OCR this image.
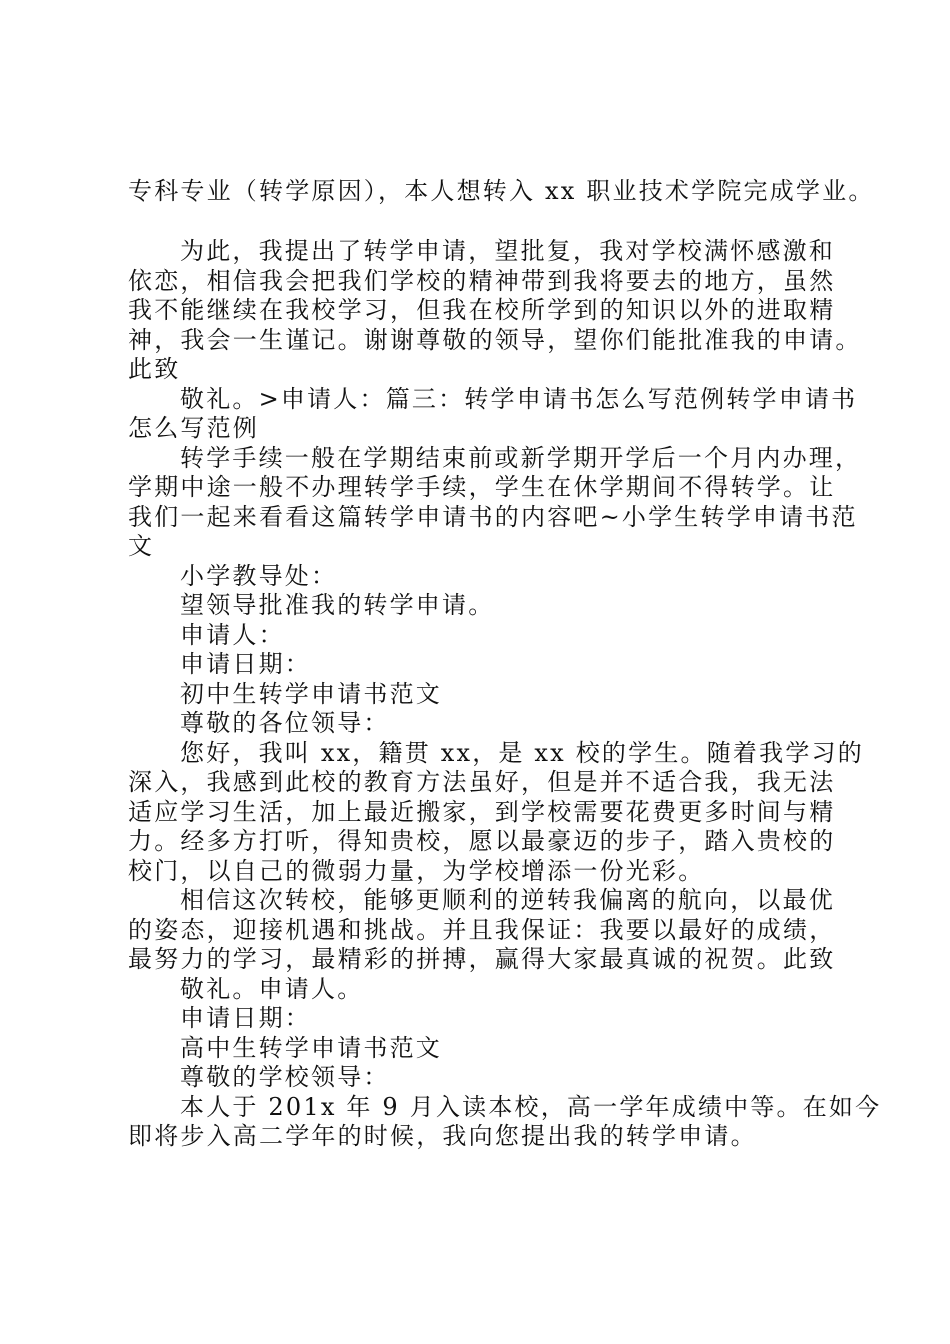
专科专业（转学原因），本人想转入 xx 职业技术学院完成学业。
为此，我提出了转学申请，望批复，我对学校满怀感激和
依恋，相信我会把我们学校的精神带到我将要去的地方，虽然
我不能继续在我校学习，但我在校所学到的知识以外的进取精
神，我会一生谨记。谢谢尊敬的领导，望你们能批准我的申请。
此致
敬礼。>申请人：篇三：转学申请书怎么写范例转学申请书
怎么写范例
转学手续一般在学期结束前或新学期开学后一个月内办理，
学期中途一般不办理转学手续，学生在休学期间不得转学。让
我们一起来看看这篇转学申请书的内容吧~小学生转学申请书范
文
小学教导处：
望领导批准我的转学申请。
申请人：
申请日期：
初中生转学申请书范文
尊敬的各位领导：
您好，我叫 xx，籍贯 xx，是 xx 校的学生。随着我学习的
深入，我感到此校的教育方法虽好，但是并不适合我，我无法
适应学习生活，加上最近搬家，到学校需要花费更多时间与精
力。经多方打听，得知贵校，愿以最豪迈的步子，踏入贵校的
校门，以自己的微弱力量，为学校增添一份光彩。
相信这次转校，能够更顺利的逆转我偏离的航向，以最优
的姿态，迎接机遇和挑战。并且我保证：我要以最好的成绩，
最努力的学习，最精彩的拼搏，赢得大家最真诚的祝贺。此致
敬礼。申请人。
申请日期：
高中生转学申请书范文
尊敬的学校领导：
本人于 201x 年 9 月入读本校，高一学年成绩中等。在如今
即将步入高二学年的时候，我向您提出我的转学申请。
